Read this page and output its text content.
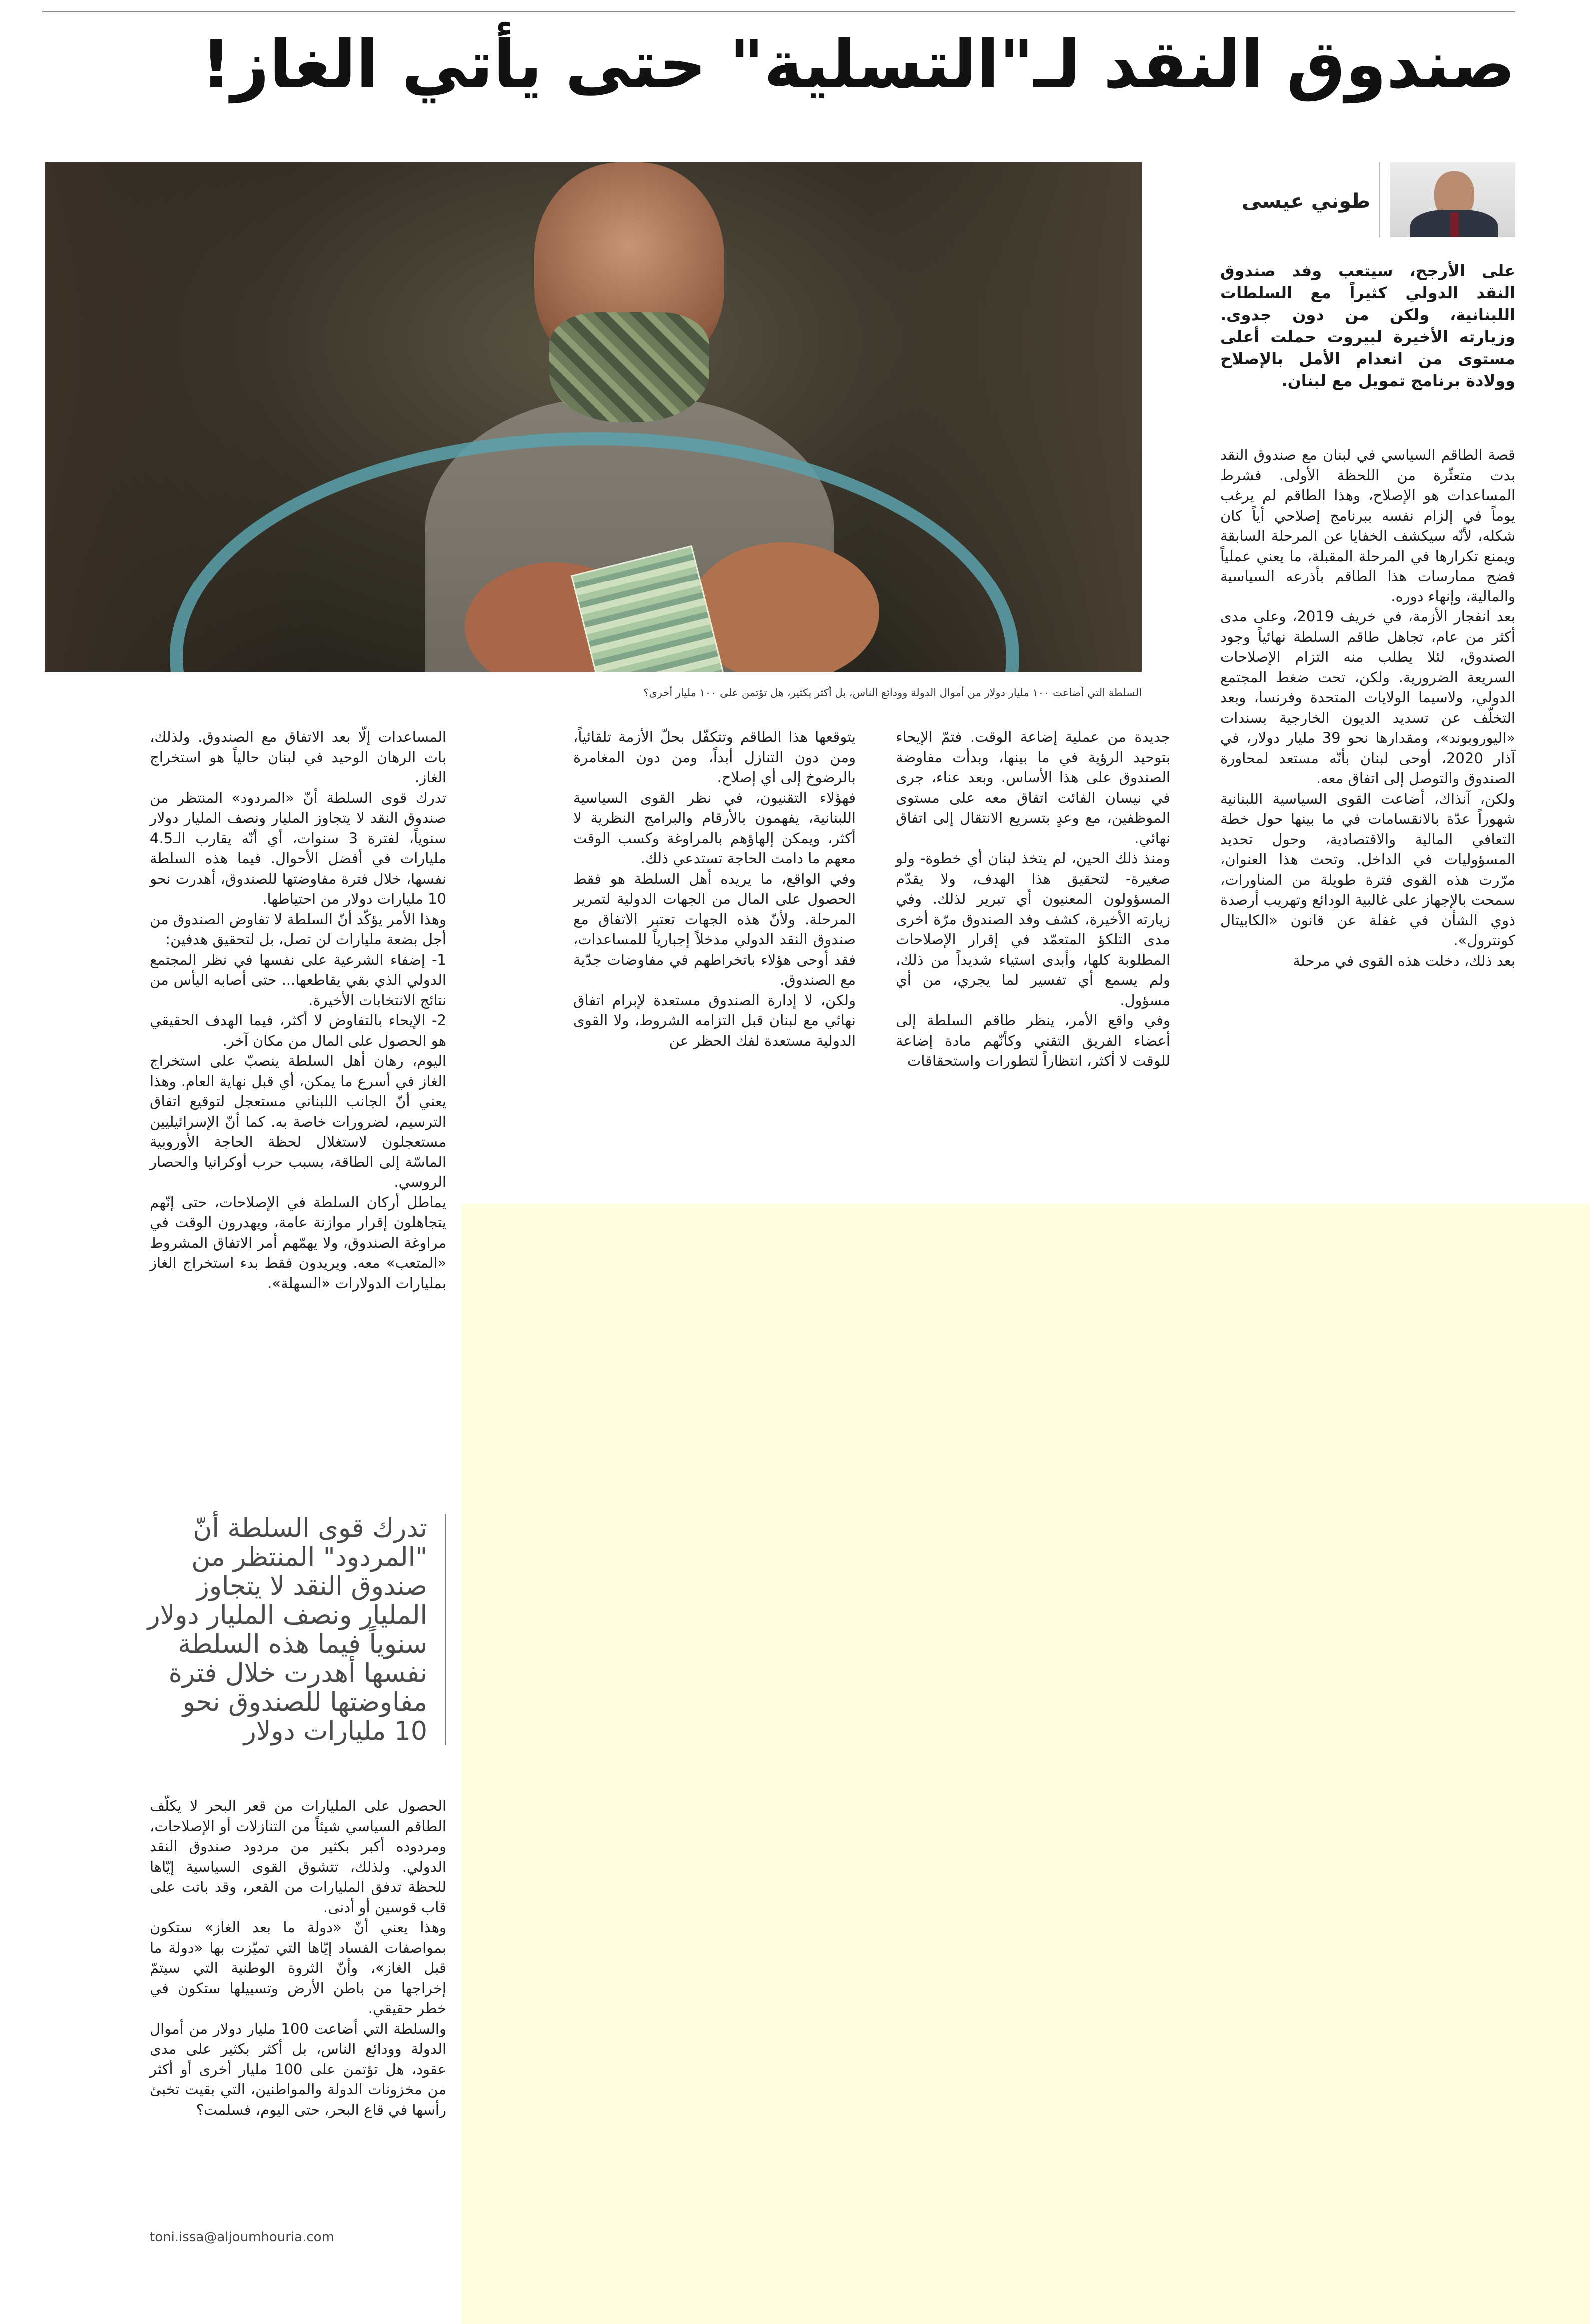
صندوق النقد لـ"التسلية" حتى يأتي الغاز!
السلطة التي أضاعت ١٠٠ مليار دولار من أموال الدولة وودائع الناس، بل أكثر بكثير، هل تؤتمن على ١٠٠ مليار أخرى؟
طوني عيسى
على الأرجح، سيتعب وفد صندوق النقد الدولي كثيراً مع السلطات اللبنانية، ولكن من دون جدوى. وزيارته الأخيرة لبيروت حملت أعلى مستوى من انعدام الأمل بالإصلاح وولادة برنامج تمويل مع لبنان.

قصة الطاقم السياسي في لبنان مع صندوق النقد بدت متعثّرة من اللحظة الأولى. فشرط المساعدات هو الإصلاح، وهذا الطاقم لم يرغب يوماً في إلزام نفسه ببرنامج إصلاحي أياً كان شكله، لأنّه سيكشف الخفايا عن المرحلة السابقة ويمنع تكرارها في المرحلة المقبلة، ما يعني عملياً فضح ممارسات هذا الطاقم بأذرعه السياسية والمالية، وإنهاء دوره.

بعد انفجار الأزمة، في خريف 2019، وعلى مدى أكثر من عام، تجاهل طاقم السلطة نهائياً وجود الصندوق، لئلا يطلب منه التزام الإصلاحات السريعة الضرورية. ولكن، تحت ضغط المجتمع الدولي، ولاسيما الولايات المتحدة وفرنسا، وبعد التخلّف عن تسديد الديون الخارجية بسندات «اليوروبوند»، ومقدارها نحو 39 مليار دولار، في آذار 2020، أوحى لبنان بأنّه مستعد لمحاورة الصندوق والتوصل إلى اتفاق معه.

ولكن، آنذاك، أضاعت القوى السياسية اللبنانية شهوراً عدّة بالانقسامات في ما بينها حول خطة التعافي المالية والاقتصادية، وحول تحديد المسؤوليات في الداخل. وتحت هذا العنوان، مرّرت هذه القوى فترة طويلة من المناورات، سمحت بالإجهاز على غالبية الودائع وتهريب أرصدة ذوي الشأن في غفلة عن قانون «الكابيتال كونترول».

بعد ذلك، دخلت هذه القوى في مرحلة

جديدة من عملية إضاعة الوقت. فتمّ الإيحاء بتوحيد الرؤية في ما بينها، وبدأت مفاوضة الصندوق على هذا الأساس. وبعد عناء، جرى في نيسان الفائت اتفاق معه على مستوى الموظفين، مع وعدٍ بتسريع الانتقال إلى اتفاق نهائي.

ومنذ ذلك الحين، لم يتخذ لبنان أي خطوة- ولو صغيرة- لتحقيق هذا الهدف، ولا يقدّم المسؤولون المعنيون أي تبرير لذلك. وفي زيارته الأخيرة، كشف وفد الصندوق مرّة أخرى مدى التلكؤ المتعمّد في إقرار الإصلاحات المطلوبة كلها، وأبدى استياء شديداً من ذلك، ولم يسمع أي تفسير لما يجري، من أي مسؤول.

وفي واقع الأمر، ينظر طاقم السلطة إلى أعضاء الفريق التقني وكأنّهم مادة إضاعة للوقت لا أكثر، انتظاراً لتطورات واستحقاقات

يتوقعها هذا الطاقم وتتكفّل بحلّ الأزمة تلقائياً، ومن دون التنازل أبداً، ومن دون المغامرة بالرضوخ إلى أي إصلاح.

فهؤلاء التقنيون، في نظر القوى السياسية اللبنانية، يفهمون بالأرقام والبرامج النظرية لا أكثر، ويمكن إلهاؤهم بالمراوغة وكسب الوقت معهم ما دامت الحاجة تستدعي ذلك.

وفي الواقع، ما يريده أهل السلطة هو فقط الحصول على المال من الجهات الدولية لتمرير المرحلة. ولأنّ هذه الجهات تعتبر الاتفاق مع صندوق النقد الدولي مدخلاً إجبارياً للمساعدات، فقد أوحى هؤلاء باتخراطهم في مفاوضات جدّية مع الصندوق.

ولكن، لا إدارة الصندوق مستعدة لإبرام اتفاق نهائي مع لبنان قبل التزامه الشروط، ولا القوى الدولية مستعدة لفك الحظر عن

المساعدات إلّا بعد الاتفاق مع الصندوق. ولذلك، بات الرهان الوحيد في لبنان حالياً هو استخراج الغاز.

تدرك قوى السلطة أنّ «المردود» المنتظر من صندوق النقد لا يتجاوز المليار ونصف المليار دولار سنوياً، لفترة 3 سنوات، أي أنّه يقارب الـ4.5 مليارات في أفضل الأحوال. فيما هذه السلطة نفسها، خلال فترة مفاوضتها للصندوق، أهدرت نحو 10 مليارات دولار من احتياطها.

وهذا الأمر يؤكّد أنّ السلطة لا تفاوض الصندوق من أجل بضعة مليارات لن تصل، بل لتحقيق هدفين:

1- إضفاء الشرعية على نفسها في نظر المجتمع الدولي الذي بقي يقاطعها... حتى أصابه اليأس من نتائج الانتخابات الأخيرة.

2- الإيحاء بالتفاوض لا أكثر، فيما الهدف الحقيقي هو الحصول على المال من مكان آخر.

اليوم، رهان أهل السلطة ينصبّ على استخراج الغاز في أسرع ما يمكن، أي قبل نهاية العام. وهذا يعني أنّ الجانب اللبناني مستعجل لتوقيع اتفاق الترسيم، لضرورات خاصة به. كما أنّ الإسرائيليين مستعجلون لاستغلال لحظة الحاجة الأوروبية الماسّة إلى الطاقة، بسبب حرب أوكرانيا والحصار الروسي.

يماطل أركان السلطة في الإصلاحات، حتى إنّهم يتجاهلون إقرار موازنة عامة، ويهدرون الوقت في مراوغة الصندوق، ولا يهمّهم أمر الاتفاق المشروط «المتعب» معه. ويريدون فقط بدء استخراج الغاز بمليارات الدولارات «السهلة».

تدرك قوى السلطة أنّ "المردود" المنتظر من صندوق النقد لا يتجاوز المليار ونصف المليار دولار سنوياً فيما هذه السلطة نفسها أهدرت خلال فترة مفاوضتها للصندوق نحو 10 مليارات دولار

الحصول على المليارات من قعر البحر لا يكلّف الطاقم السياسي شيئاً من التنازلات أو الإصلاحات، ومردوده أكبر بكثير من مردود صندوق النقد الدولي. ولذلك، تتشوق القوى السياسية إيّاها للحظة تدفق المليارات من القعر، وقد باتت على قاب قوسين أو أدنى.

وهذا يعني أنّ «دولة ما بعد الغاز» ستكون بمواصفات الفساد إيّاها التي تميّزت بها «دولة ما قبل الغاز»، وأنّ الثروة الوطنية التي سيتمّ إخراجها من باطن الأرض وتسييلها ستكون في خطر حقيقي.

والسلطة التي أضاعت 100 مليار دولار من أموال الدولة وودائع الناس، بل أكثر بكثير على مدى عقود، هل تؤتمن على 100 مليار أخرى أو أكثر من مخزونات الدولة والمواطنين، التي بقيت تخبئ رأسها في قاع البحر، حتى اليوم، فسلمت؟

toni.issa@aljoumhouria.com
